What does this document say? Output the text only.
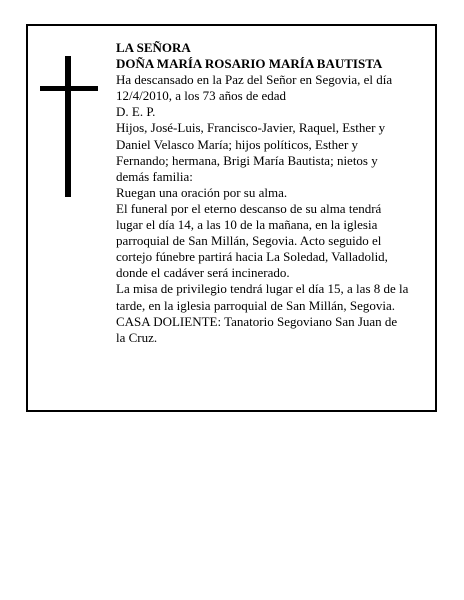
LA SEÑORA
DOÑA MARÍA ROSARIO MARÍA BAUTISTA
Ha descansado en la Paz del Señor en Segovia, el día
12/4/2010, a los 73 años de edad
D. E. P.
Hijos, José-Luis, Francisco-Javier, Raquel, Esther y
Daniel Velasco María; hijos políticos, Esther y
Fernando; hermana, Brigi María Bautista; nietos y
demás familia:
Ruegan una oración por su alma.
El funeral por el eterno descanso de su alma tendrá
lugar el día 14, a las 10 de la mañana, en la iglesia
parroquial de San Millán, Segovia. Acto seguido el
cortejo fúnebre partirá hacia La Soledad, Valladolid,
donde el cadáver será incinerado.
La misa de privilegio tendrá lugar el día 15, a las 8 de la
tarde, en la iglesia parroquial de San Millán, Segovia.
CASA DOLIENTE: Tanatorio Segoviano San Juan de
la Cruz.
